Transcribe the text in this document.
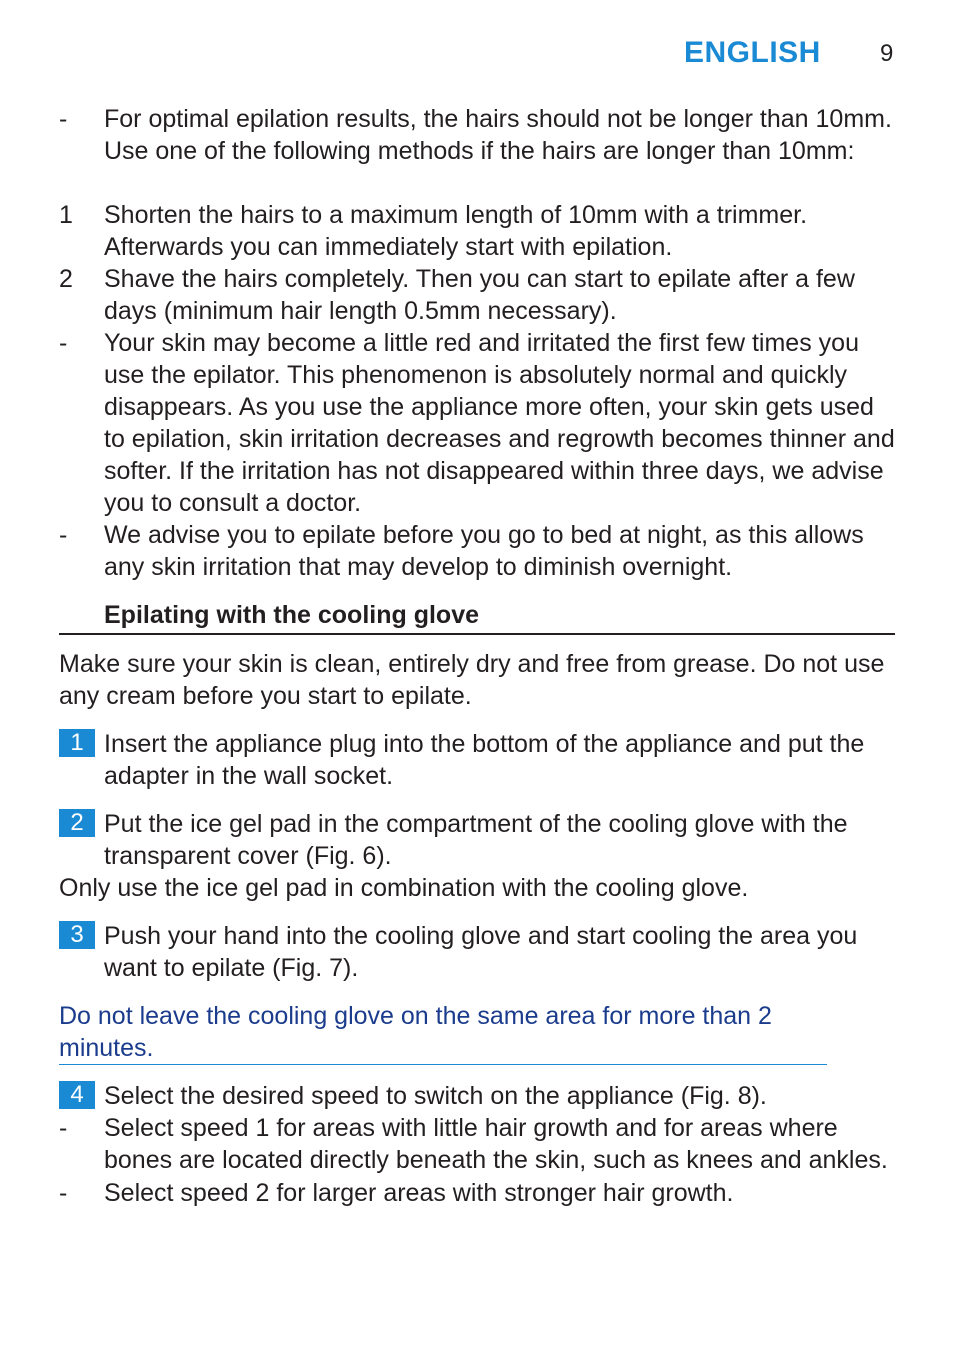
ENGLISH 9
-	For optimal epilation results, the hairs should not be longer than 10mm. Use one of the following methods if the hairs are longer than 10mm:
1	Shorten the hairs to a maximum length of 10mm with a trimmer. Afterwards you can immediately start with epilation.
2	Shave the hairs completely. Then you can start to epilate after a few days (minimum hair length 0.5mm necessary).
-	Your skin may become a little red and irritated the first few times you use the epilator. This phenomenon is absolutely normal and quickly disappears. As you use the appliance more often, your skin gets used to epilation, skin irritation decreases and regrowth becomes thinner and softer. If the irritation has not disappeared within three days, we advise you to consult a doctor.
-	We advise you to epilate before you go to bed at night, as this allows any skin irritation that may develop to diminish overnight.
Epilating with the cooling glove
Make sure your skin is clean, entirely dry and free from grease. Do not use any cream before you start to epilate.
1 Insert the appliance plug into the bottom of the appliance and put the adapter in the wall socket.
2 Put the ice gel pad in the compartment of the cooling glove with the transparent cover (Fig. 6).
Only use the ice gel pad in combination with the cooling glove.
3 Push your hand into the cooling glove and start cooling the area you want to epilate (Fig. 7).
Do not leave the cooling glove on the same area for more than 2 minutes.
4 Select the desired speed to switch on the appliance (Fig. 8).
-	Select speed 1 for areas with little hair growth and for areas where bones are located directly beneath the skin, such as knees and ankles.
-	Select speed 2 for larger areas with stronger hair growth.
